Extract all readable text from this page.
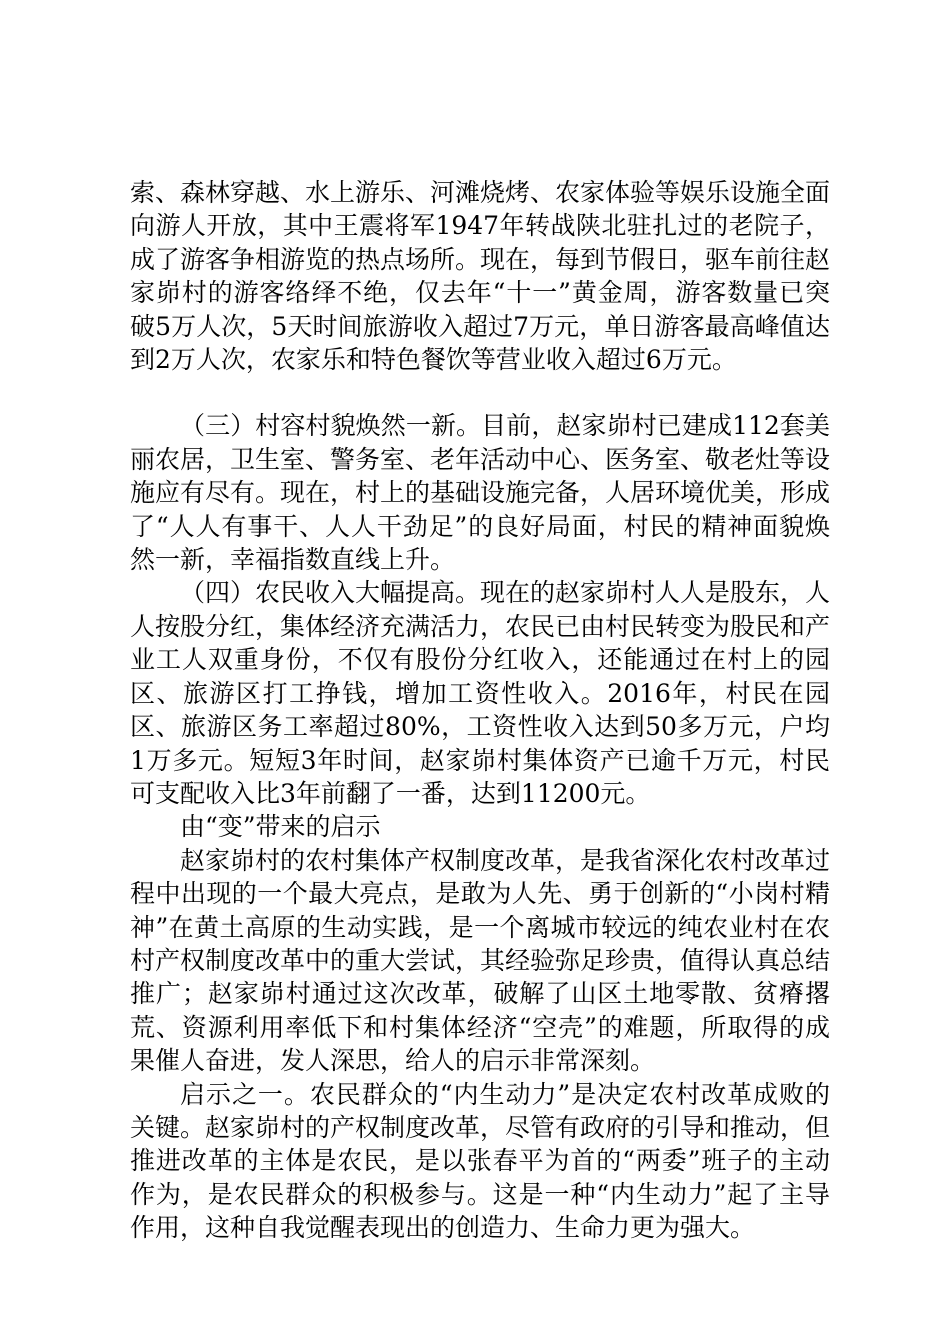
索、森林穿越、水上游乐、河滩烧烤、农家体验等娱乐设施全面向游人开放，其中王震将军1947年转战陕北驻扎过的老院子，成了游客争相游览的热点场所。现在，每到节假日，驱车前往赵家峁村的游客络绎不绝，仅去年“十一”黄金周，游客数量已突破5万人次，5天时间旅游收入超过7万元，单日游客最高峰值达到2万人次，农家乐和特色餐饮等营业收入超过6万元。

（三）村容村貌焕然一新。目前，赵家峁村已建成112套美丽农居，卫生室、警务室、老年活动中心、医务室、敬老灶等设施应有尽有。现在，村上的基础设施完备，人居环境优美，形成了“人人有事干、人人干劲足”的良好局面，村民的精神面貌焕然一新，幸福指数直线上升。

（四）农民收入大幅提高。现在的赵家峁村人人是股东，人人按股分红，集体经济充满活力，农民已由村民转变为股民和产业工人双重身份，不仅有股份分红收入，还能通过在村上的园区、旅游区打工挣钱，增加工资性收入。2016年，村民在园区、旅游区务工率超过80%，工资性收入达到50多万元，户均1万多元。短短3年时间，赵家峁村集体资产已逾千万元，村民可支配收入比3年前翻了一番，达到11200元。

由“变”带来的启示

赵家峁村的农村集体产权制度改革，是我省深化农村改革过程中出现的一个最大亮点，是敢为人先、勇于创新的“小岗村精神”在黄土高原的生动实践，是一个离城市较远的纯农业村在农村产权制度改革中的重大尝试，其经验弥足珍贵，值得认真总结推广；赵家峁村通过这次改革，破解了山区土地零散、贫瘠撂荒、资源利用率低下和村集体经济“空壳”的难题，所取得的成果催人奋进，发人深思，给人的启示非常深刻。

启示之一。农民群众的“内生动力”是决定农村改革成败的关键。赵家峁村的产权制度改革，尽管有政府的引导和推动，但推进改革的主体是农民，是以张春平为首的“两委”班子的主动作为，是农民群众的积极参与。这是一种“内生动力”起了主导作用，这种自我觉醒表现出的创造力、生命力更为强大。
